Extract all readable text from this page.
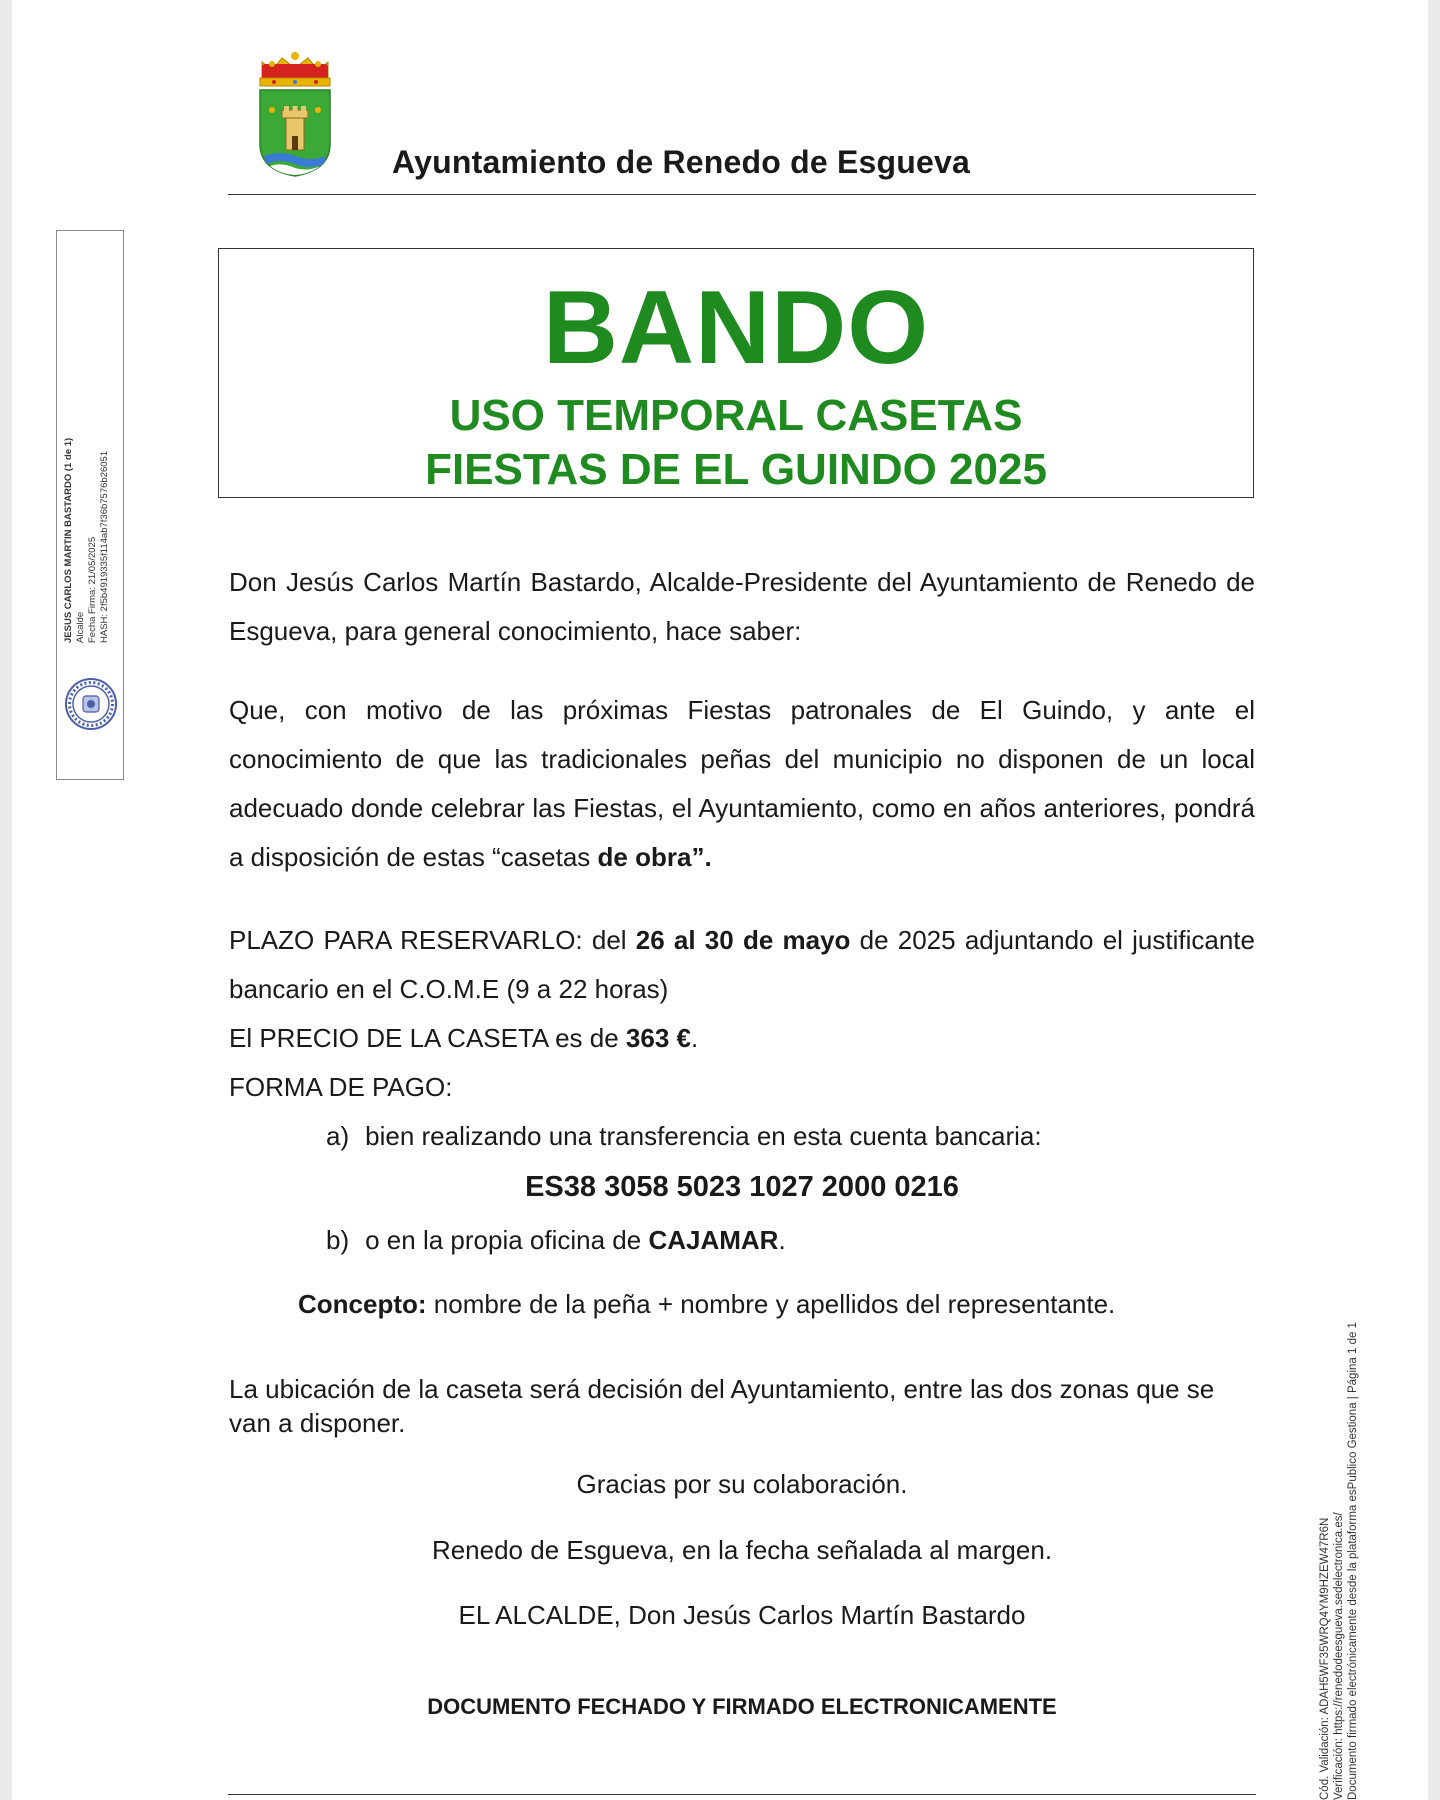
Ayuntamiento de Renedo de Esgueva
JESUS CARLOS MARTIN BASTARDO (1 de 1) Alcalde Fecha Firma: 21/05/2025 HASH: 2f5b4919335f114ab7f36b7576b26051
BANDO
USO TEMPORAL CASETAS
FIESTAS DE EL GUINDO 2025
Don Jesús Carlos Martín Bastardo, Alcalde-Presidente del Ayuntamiento de Renedo de Esgueva, para general conocimiento, hace saber:
Que, con motivo de las próximas Fiestas patronales de El Guindo, y ante el conocimiento de que las tradicionales peñas del municipio no disponen de un local adecuado donde celebrar las Fiestas, el Ayuntamiento, como en años anteriores, pondrá a disposición de estas “casetas de obra”.
PLAZO PARA RESERVARLO: del 26 al 30 de mayo de 2025 adjuntando el justificante bancario en el C.O.M.E (9 a 22 horas)
El PRECIO DE LA CASETA es de 363 €.
FORMA DE PAGO:
a) bien realizando una transferencia en esta cuenta bancaria:
ES38 3058 5023 1027 2000 0216
b) o en la propia oficina de CAJAMAR.
Concepto: nombre de la peña + nombre y apellidos del representante.
La ubicación de la caseta será decisión del Ayuntamiento, entre las dos zonas que se van a disponer.
Gracias por su colaboración.
Renedo de Esgueva, en la fecha señalada al margen.
EL ALCALDE, Don Jesús Carlos Martín Bastardo
DOCUMENTO FECHADO Y FIRMADO ELECTRONICAMENTE	Cód. Validación: ADAH5WF35WRQ4YM9HZEW47R6N Verificación: https://renedodeesgueva.sedelectronica.es/ Documento firmado electrónicamente desde la plataforma esPublico Gestiona | Página 1 de 1
